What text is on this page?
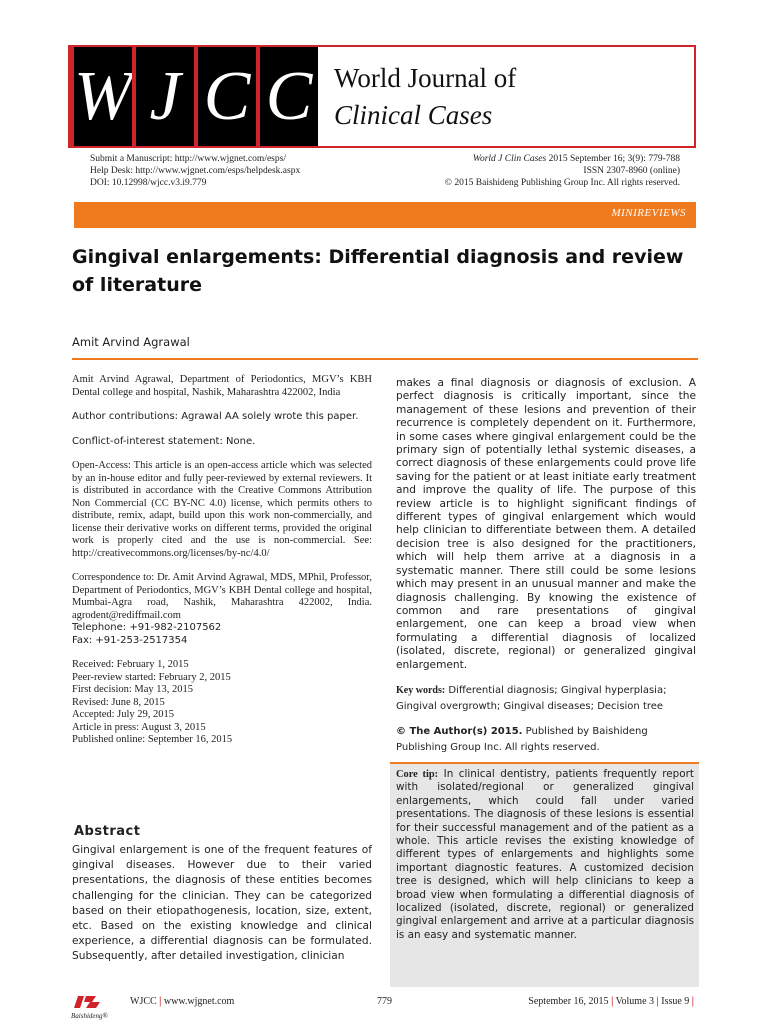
W J C C World Journal of
Clinical Cases
Submit a Manuscript: http://www.wjgnet.com/esps/
Help Desk: http://www.wjgnet.com/esps/helpdesk.aspx
DOI: 10.12998/wjcc.v3.i9.779
World J Clin Cases 2015 September 16; 3(9): 779-788
ISSN 2307-8960 (online)
© 2015 Baishideng Publishing Group Inc. All rights reserved.
MINIREVIEWS
Gingival enlargements: Differential diagnosis and review of literature
Amit Arvind Agrawal

Amit Arvind Agrawal, Department of Periodontics, MGV’s KBH Dental college and hospital, Nashik, Maharashtra 422002, India

Author contributions: Agrawal AA solely wrote this paper.

Conflict-of-interest statement: None.

Open-Access: This article is an open-access article which was selected by an in-house editor and fully peer-reviewed by external reviewers. It is distributed in accordance with the Creative Commons Attribution Non Commercial (CC BY-NC 4.0) license, which permits others to distribute, remix, adapt, build upon this work non-commercially, and license their derivative works on different terms, provided the original work is properly cited and the use is non-commercial. See: http://creativecommons.org/licenses/by-nc/4.0/

Correspondence to: Dr. Amit Arvind Agrawal, MDS, MPhil, Professor, Department of Periodontics, MGV’s KBH Dental college and hospital, Mumbai-Agra road, Nashik, Maharashtra 422002, India. agrodent@rediffmail.com

Telephone: +91-982-2107562

Fax: +91-253-2517354

Received: February 1, 2015

Peer-review started: February 2, 2015

First decision: May 13, 2015

Revised: June 8, 2015

Accepted: July 29, 2015

Article in press: August 3, 2015

Published online: September 16, 2015

Abstract
Gingival enlargement is one of the frequent features of gingival diseases. However due to their varied presentations, the diagnosis of these entities becomes challenging for the clinician. They can be categorized based on their etiopathogenesis, location, size, extent, etc. Based on the existing knowledge and clinical experience, a differential diagnosis can be formulated. Subsequently, after detailed investigation, clinician
makes a final diagnosis or diagnosis of exclusion. A perfect diagnosis is critically important, since the management of these lesions and prevention of their recurrence is completely dependent on it. Furthermore, in some cases where gingival enlargement could be the primary sign of potentially lethal systemic diseases, a correct diagnosis of these enlargements could prove life saving for the patient or at least initiate early treatment and improve the quality of life. The purpose of this review article is to highlight significant findings of different types of gingival enlargement which would help clinician to differentiate between them. A detailed decision tree is also designed for the practitioners, which will help them arrive at a diagnosis in a systematic manner. There still could be some lesions which may present in an unusual manner and make the diagnosis challenging. By knowing the existence of common and rare presentations of gingival enlargement, one can keep a broad view when formulating a differential diagnosis of localized (isolated, discrete, regional) or generalized gingival enlargement.
Key words: Differential diagnosis; Gingival hyperplasia; Gingival overgrowth; Gingival diseases; Decision tree
© The Author(s) 2015. Published by Baishideng Publishing Group Inc. All rights reserved.
Core tip: In clinical dentistry, patients frequently report with isolated/regional or generalized gingival enlargements, which could fall under varied presentations. The diagnosis of these lesions is essential for their successful management and of the patient as a whole. This article revises the existing knowledge of different types of enlargements and highlights some important diagnostic features. A customized decision tree is designed, which will help clinicians to keep a broad view when formulating a differential diagnosis of localized (isolated, discrete, regional) or generalized gingival enlargement and arrive at a particular diagnosis is an easy and systematic manner.
Baishideng®
WJCC | www.wjgnet.com	779	September 16, 2015 | Volume 3 | Issue 9 |
